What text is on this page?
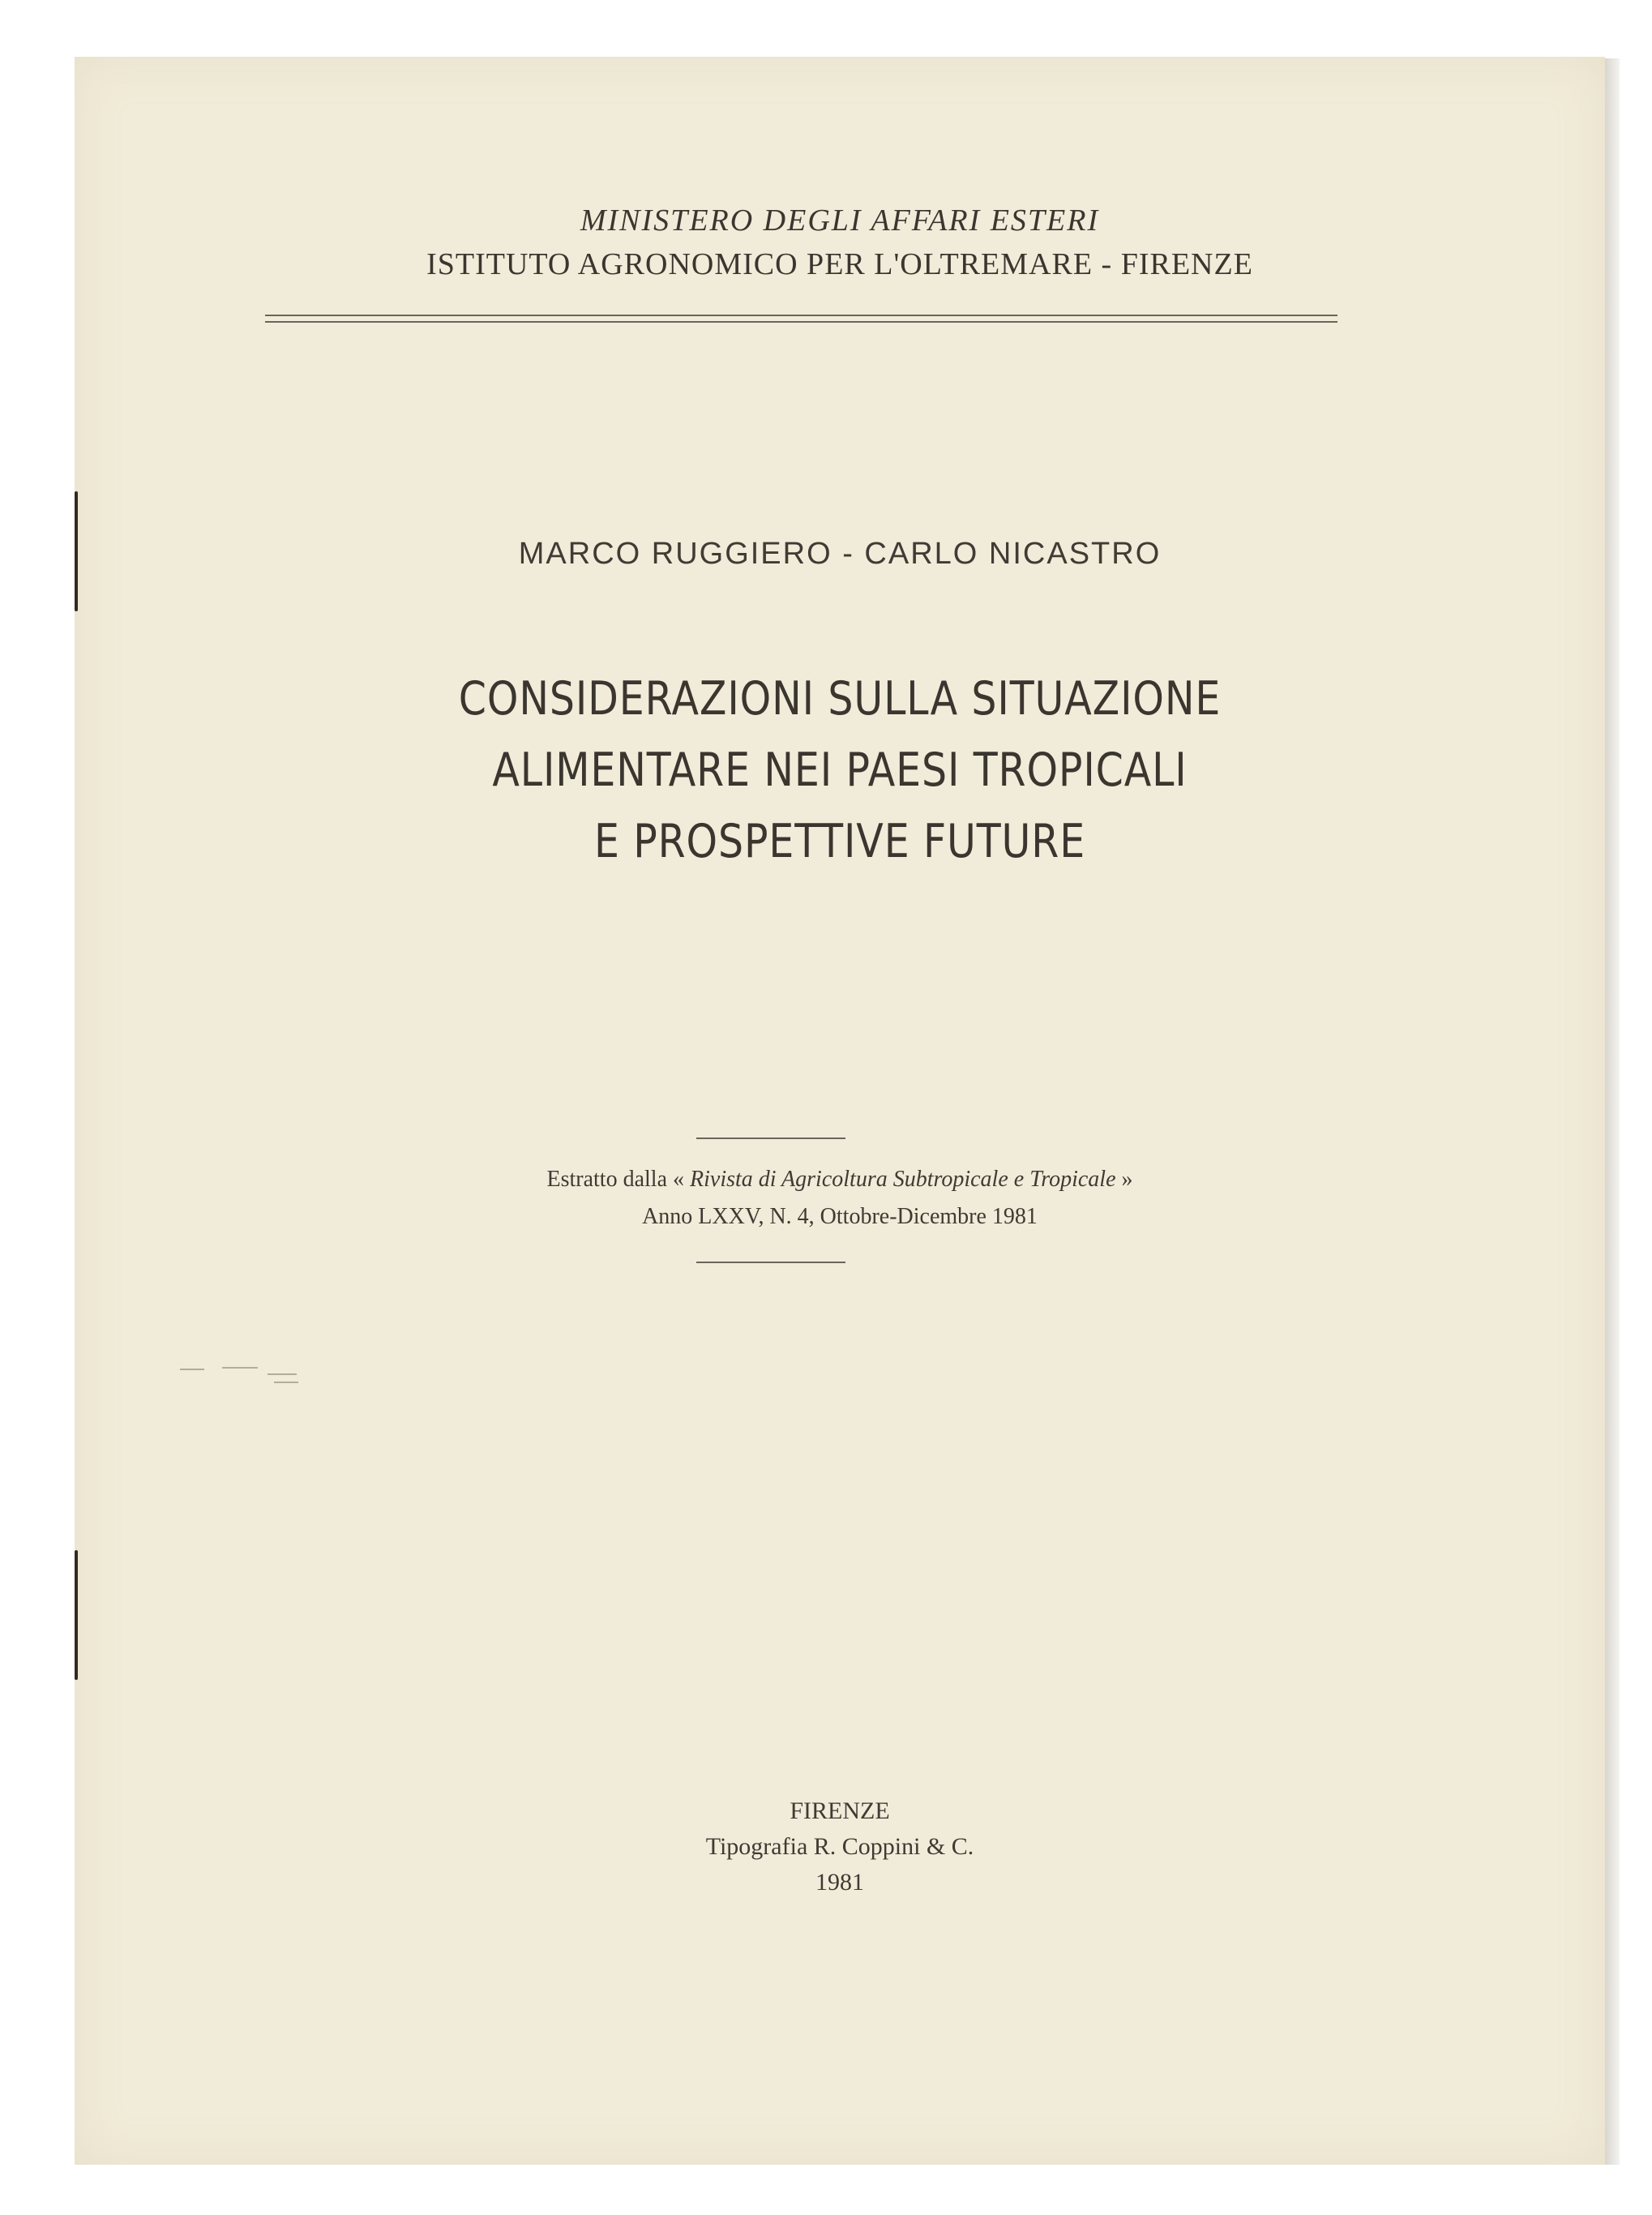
MINISTERO DEGLI AFFARI ESTERI
ISTITUTO AGRONOMICO PER L'OLTREMARE - FIRENZE
MARCO RUGGIERO - CARLO NICASTRO
CONSIDERAZIONI SULLA SITUAZIONE
ALIMENTARE NEI PAESI TROPICALI
E PROSPETTIVE FUTURE
Estratto dalla « Rivista di Agricoltura Subtropicale e Tropicale »
Anno LXXV, N. 4, Ottobre-Dicembre 1981
FIRENZE
Tipografia R. Coppini & C.
1981
